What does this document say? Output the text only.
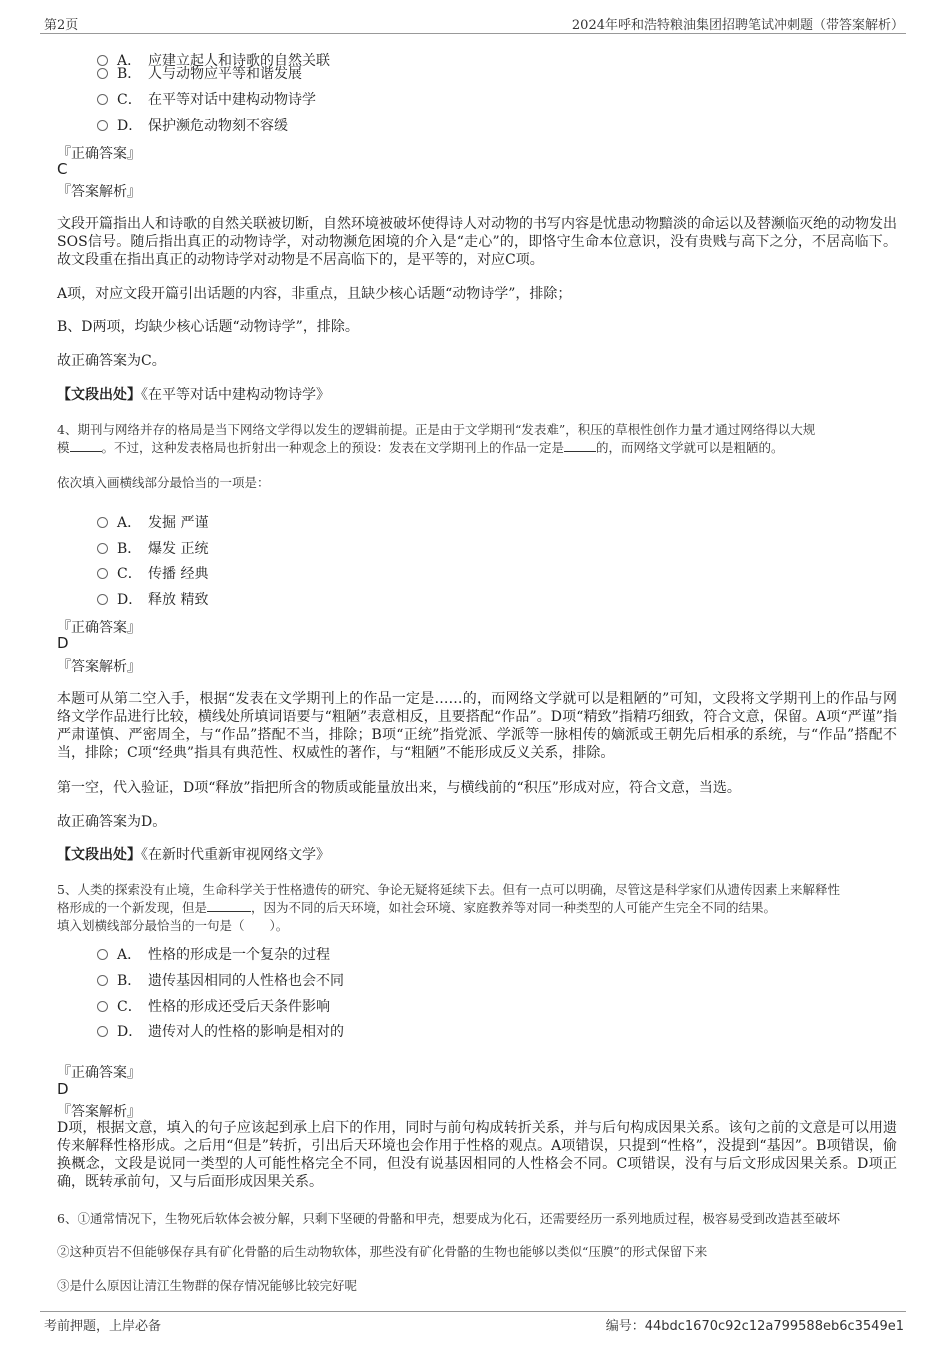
第2页	2024年呼和浩特粮油集团招聘笔试冲刺题（带答案解析）
A． 应建立起人和诗歌的自然关联
B． 人与动物应平等和谐发展
C． 在平等对话中建构动物诗学
D． 保护濒危动物刻不容缓
『正确答案』
C
『答案解析』
文段开篇指出人和诗歌的自然关联被切断，自然环境被破坏使得诗人对动物的书写内容是忧患动物黯淡的命运以及替濒临灭绝的动物发出SOS信号。随后指出真正的动物诗学，对动物濒危困境的介入是“走心”的，即恪守生命本位意识，没有贵贱与高下之分，不居高临下。故文段重在指出真正的动物诗学对动物是不居高临下的，是平等的，对应C项。
A项，对应文段开篇引出话题的内容，非重点，且缺少核心话题“动物诗学”，排除；
B、D两项，均缺少核心话题“动物诗学”，排除。
故正确答案为C。
【文段出处】《在平等对话中建构动物诗学》
4、期刊与网络并存的格局是当下网络文学得以发生的逻辑前提。正是由于文学期刊“发表难”，积压的草根性创作力量才通过网络得以大规
模	。不过，这种发表格局也折射出一种观念上的预设：发表在文学期刊上的作品一定是	的，而网络文学就可以是粗陋的。
依次填入画横线部分最恰当的一项是：
A． 发掘 严谨
B． 爆发 正统
C． 传播 经典
D． 释放 精致
『正确答案』
D
『答案解析』
本题可从第二空入手，根据“发表在文学期刊上的作品一定是……的，而网络文学就可以是粗陋的”可知，文段将文学期刊上的作品与网络文学作品进行比较，横线处所填词语要与“粗陋”表意相反，且要搭配“作品”。D项“精致”指精巧细致，符合文意，保留。A项“严谨”指严肃谨慎、严密周全，与“作品”搭配不当，排除；B项“正统”指党派、学派等一脉相传的嫡派或王朝先后相承的系统，与“作品”搭配不当，排除；C项“经典”指具有典范性、权威性的著作，与“粗陋”不能形成反义关系，排除。
第一空，代入验证，D项“释放”指把所含的物质或能量放出来，与横线前的“积压”形成对应，符合文意，当选。
故正确答案为D。
【文段出处】《在新时代重新审视网络文学》
5、人类的探索没有止境，生命科学关于性格遗传的研究、争论无疑将延续下去。但有一点可以明确，尽管这是科学家们从遗传因素上来解释性
格形成的一个新发现，但是	，因为不同的后天环境，如社会环境、家庭教养等对同一种类型的人可能产生完全不同的结果。
填入划横线部分最恰当的一句是（　　）。
A． 性格的形成是一个复杂的过程
B． 遗传基因相同的人性格也会不同
C． 性格的形成还受后天条件影响
D． 遗传对人的性格的影响是相对的
『正确答案』
D
『答案解析』
D项，根据文意，填入的句子应该起到承上启下的作用，同时与前句构成转折关系，并与后句构成因果关系。该句之前的文意是可以用遗传来解释性格形成。之后用“但是”转折，引出后天环境也会作用于性格的观点。A项错误，只提到“性格”，没提到“基因”。B项错误，偷换概念，文段是说同一类型的人可能性格完全不同，但没有说基因相同的人性格会不同。C项错误，没有与后文形成因果关系。D项正确，既转承前句，又与后面形成因果关系。
6、①通常情况下，生物死后软体会被分解，只剩下坚硬的骨骼和甲壳，想要成为化石，还需要经历一系列地质过程，极容易受到改造甚至破坏
②这种页岩不但能够保存具有矿化骨骼的后生动物软体，那些没有矿化骨骼的生物也能够以类似“压膜”的形式保留下来
③是什么原因让清江生物群的保存情况能够比较完好呢
考前押题，上岸必备	编号：44bdc1670c92c12a799588eb6c3549e1
